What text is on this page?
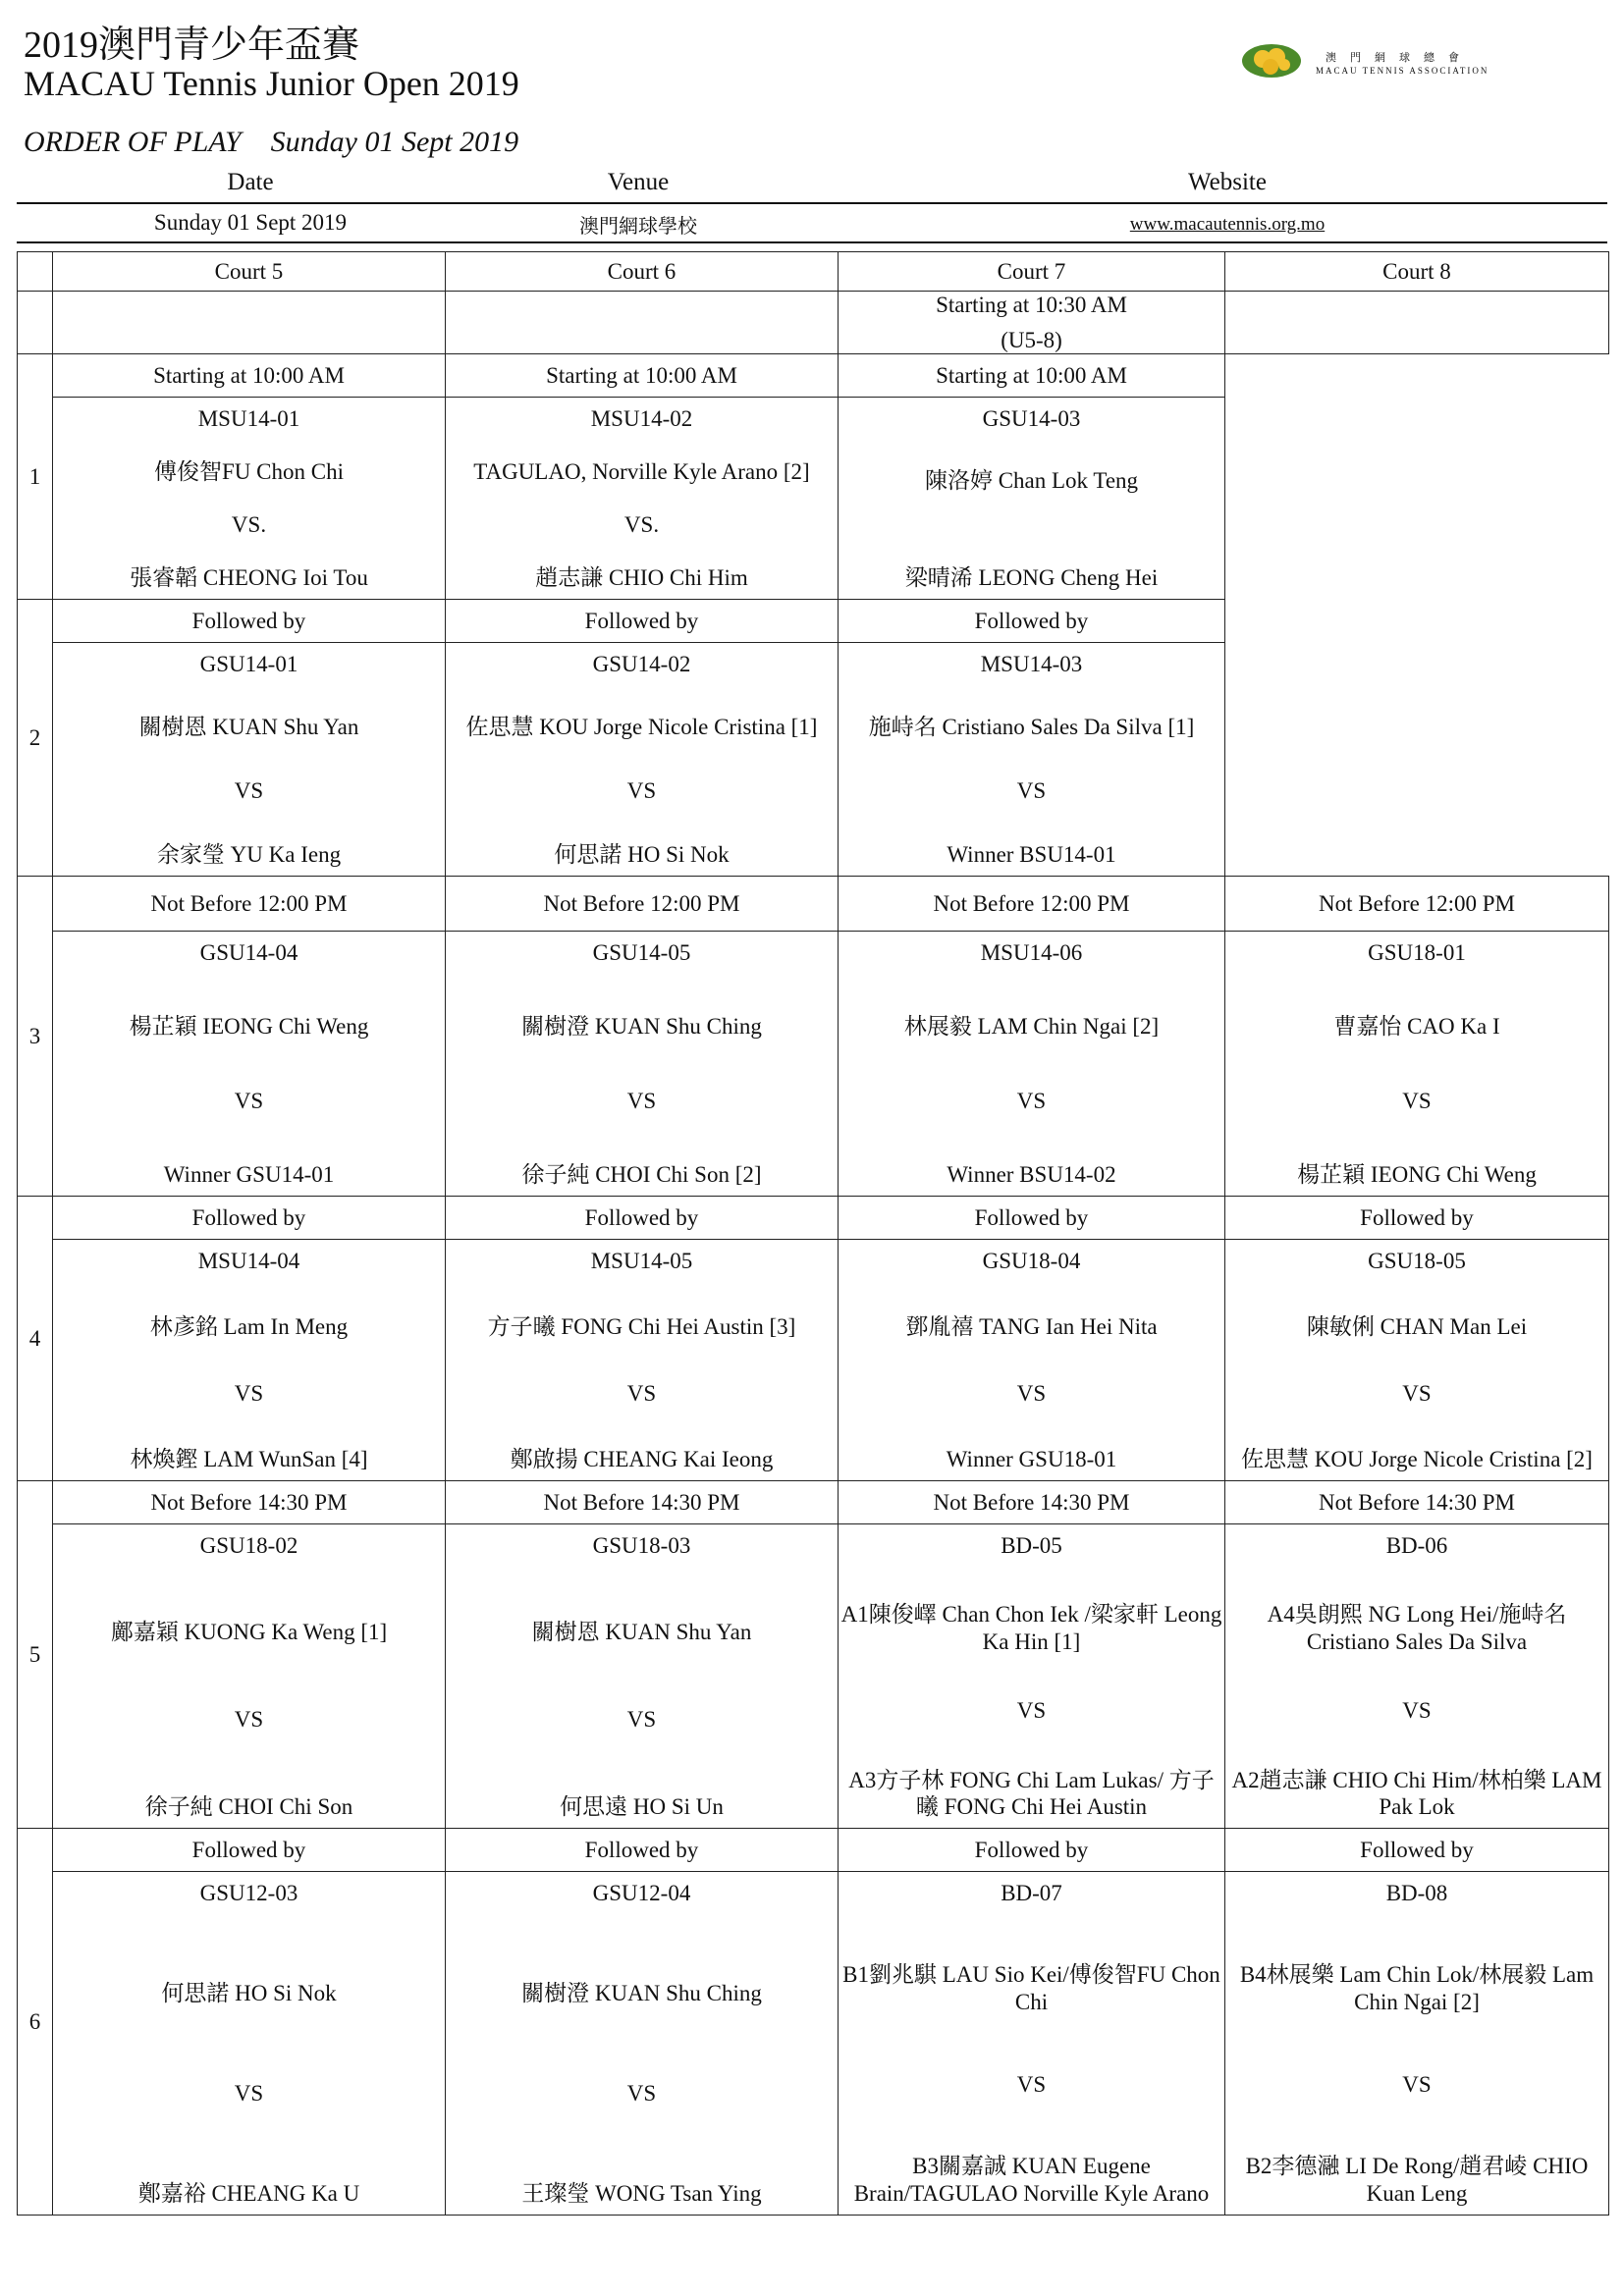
2019澳門青少年盃賽
MACAU Tennis Junior Open 2019
ORDER OF PLAY    Sunday 01 Sept 2019
澳門網球總會
MACAU TENNIS ASSOCIATION
Date	Venue	Website
Sunday 01 Sept 2019	澳門網球學校	www.macautennis.org.mo
	Court 5	Court 6	Court 7	Court 8

			Starting at 10:30 AM
(U5-8)	

1	Starting at 10:00 AM	Starting at 10:00 AM	Starting at 10:00 AM	

	MSU14-01
傅俊智FU Chon Chi
VS.
張睿韜 CHEONG Ioi Tou	MSU14-02
TAGULAO, Norville Kyle Arano [2]
VS.
趙志謙 CHIO Chi Him	GSU14-03
陳洛婷 Chan Lok Teng
梁晴浠 LEONG Cheng Hei	

2	Followed by	Followed by	Followed by	

	GSU14-01
關樹恩 KUAN Shu Yan
VS
余家瑩 YU Ka Ieng	GSU14-02
佐思慧 KOU Jorge Nicole Cristina [1]
VS
何思諾 HO Si Nok	MSU14-03
施峙名 Cristiano Sales Da Silva [1]
VS
Winner BSU14-01	

3	Not Before 12:00 PM	Not Before 12:00 PM	Not Before 12:00 PM	Not Before 12:00 PM

	GSU14-04
楊芷穎 IEONG Chi Weng
VS
Winner GSU14-01	GSU14-05
關樹澄 KUAN Shu Ching
VS
徐子純 CHOI Chi Son [2]	MSU14-06
林展毅 LAM Chin Ngai [2]
VS
Winner BSU14-02	GSU18-01
曹嘉怡 CAO Ka I
VS
楊芷穎 IEONG Chi Weng

4	Followed by	Followed by	Followed by	Followed by

	MSU14-04
林彥銘 Lam In Meng
VS
林煥鏗 LAM WunSan [4]	MSU14-05
方子曦 FONG Chi Hei Austin [3]
VS
鄭啟揚 CHEANG Kai Ieong	GSU18-04
鄧胤禧 TANG Ian Hei Nita
VS
Winner GSU18-01	GSU18-05
陳敏俐 CHAN Man Lei
VS
佐思慧 KOU Jorge Nicole Cristina [2]

5	Not Before 14:30 PM	Not Before 14:30 PM	Not Before 14:30 PM	Not Before 14:30 PM

	GSU18-02
鄺嘉穎 KUONG Ka Weng [1]
VS
徐子純 CHOI Chi Son	GSU18-03
關樹恩 KUAN Shu Yan
VS
何思遠 HO Si Un	BD-05
A1陳俊嶧 Chan Chon Iek /梁家軒 Leong Ka Hin [1]
VS
A3方子林 FONG Chi Lam Lukas/ 方子曦 FONG Chi Hei Austin	BD-06
A4吳朗熙 NG Long Hei/施峙名 Cristiano Sales Da Silva
VS
A2趙志謙 CHIO Chi Him/林柏樂 LAM Pak Lok

6	Followed by	Followed by	Followed by	Followed by

	GSU12-03
何思諾 HO Si Nok
VS
鄭嘉裕 CHEANG Ka U	GSU12-04
關樹澄 KUAN Shu Ching
VS
王璨瑩 WONG Tsan Ying	BD-07
B1劉兆騏 LAU Sio Kei/傅俊智FU Chon Chi
VS
B3關嘉誠 KUAN Eugene Brain/TAGULAO Norville Kyle Arano	BD-08
B4林展樂 Lam Chin Lok/林展毅 Lam Chin Ngai [2]
VS
B2李德瀜 LI De Rong/趙君崚 CHIO Kuan Leng
